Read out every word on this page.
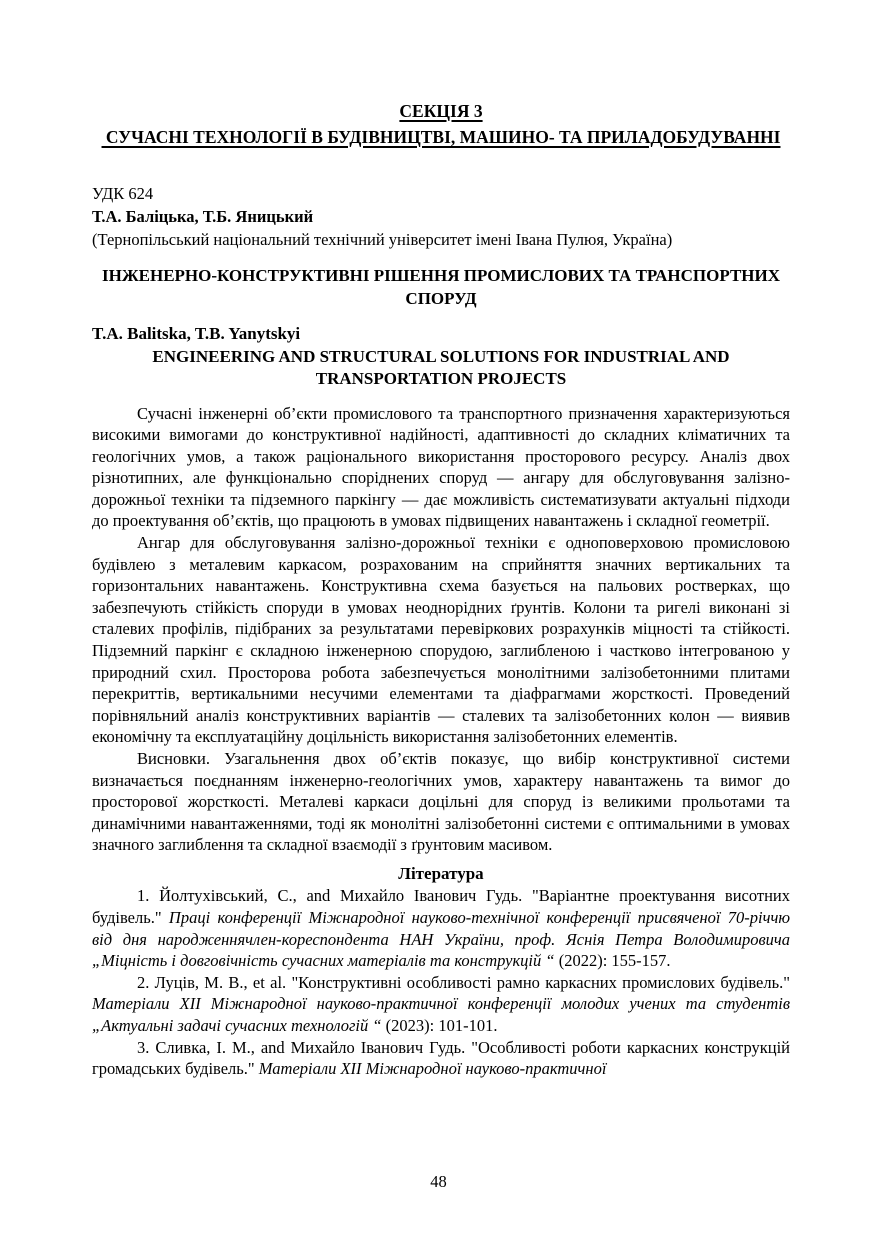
СЕКЦІЯ 3
СУЧАСНІ ТЕХНОЛОГІЇ В БУДІВНИЦТВІ, МАШИНО- ТА ПРИЛАДОБУДУВАННІ
УДК 624
Т.А. Баліцька, Т.Б. Яницький
(Тернопільський національний технічний університет імені Івана Пулюя, Україна)
ІНЖЕНЕРНО-КОНСТРУКТИВНІ РІШЕННЯ ПРОМИСЛОВИХ ТА ТРАНСПОРТНИХ СПОРУД
T.A. Balitska, T.B. Yanytskyi
ENGINEERING AND STRUCTURAL SOLUTIONS FOR INDUSTRIAL AND TRANSPORTATION PROJECTS

Сучасні інженерні об’єкти промислового та транспортного призначення характеризуються високими вимогами до конструктивної надійності, адаптивності до складних кліматичних та геологічних умов, а також раціонального використання просторового ресурсу. Аналіз двох різнотипних, але функціонально споріднених споруд — ангару для обслуговування залізно-дорожньої техніки та підземного паркінгу — дає можливість систематизувати актуальні підходи до проектування об’єктів, що працюють в умовах підвищених навантажень і складної геометрії.

Ангар для обслуговування залізно-дорожньої техніки є одноповерховою промисловою будівлею з металевим каркасом, розрахованим на сприйняття значних вертикальних та горизонтальних навантажень. Конструктивна схема базується на пальових ростверках, що забезпечують стійкість споруди в умовах неоднорідних ґрунтів. Колони та ригелі виконані зі сталевих профілів, підібраних за результатами перевіркових розрахунків міцності та стійкості. Підземний паркінг є складною інженерною спорудою, заглибленою і частково інтегрованою у природний схил. Просторова робота забезпечується монолітними залізобетонними плитами перекриттів, вертикальними несучими елементами та діафрагмами жорсткості. Проведений порівняльний аналіз конструктивних варіантів — сталевих та залізобетонних колон — виявив економічну та експлуатаційну доцільність використання залізобетонних елементів.

Висновки. Узагальнення двох об’єктів показує, що вибір конструктивної системи визначається поєднанням інженерно-геологічних умов, характеру навантажень та вимог до просторової жорсткості. Металеві каркаси доцільні для споруд із великими прольотами та динамічними навантаженнями, тоді як монолітні залізобетонні системи є оптимальними в умовах значного заглиблення та складної взаємодії з ґрунтовим масивом.

Література

1. Йолтухівський, С., and Михайло Іванович Гудь. "Варіантне проектування висотних будівель." Праці конференції Міжнародної науково-технічної конференції присвяченої 70-річчю від дня народженнячлен-кореспондента НАН України, проф. Яснія Петра Володимировича „Міцність і довговічність сучасних матеріалів та конструкцій “ (2022): 155-157.

2. Луців, М. В., et al. "Конструктивні особливості рамно каркасних промислових будівель." Матеріали XII Міжнародної науково-практичної конференції молодих учених та студентів „Актуальні задачі сучасних технологій “ (2023): 101-101.

3. Сливка, І. М., and Михайло Іванович Гудь. "Особливості роботи каркасних конструкцій громадських будівель." Матеріали XII Міжнародної науково-практичної

48
